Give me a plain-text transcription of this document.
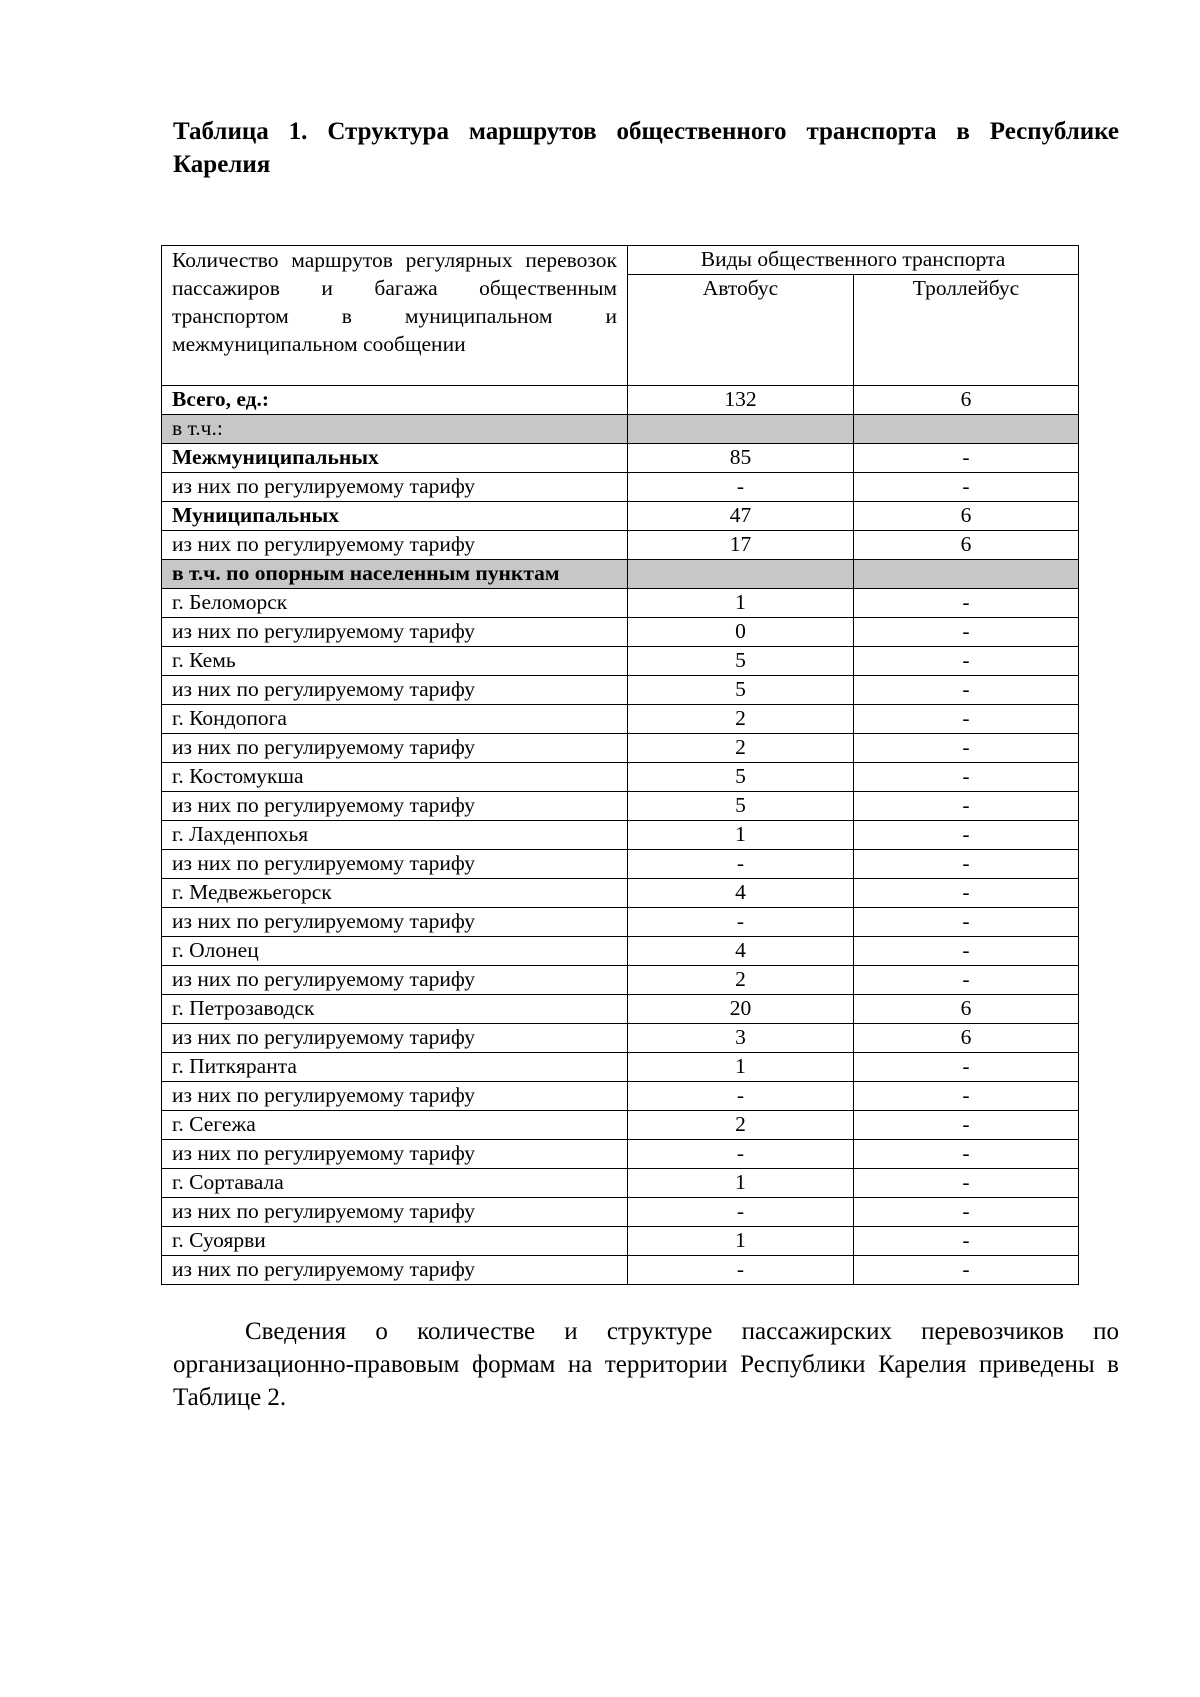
Таблица 1. Структура маршрутов общественного транспорта в Республике Карелия

Количество маршрутов регулярных перевозок пассажиров и багажа общественным транспортом в муниципальном и межмуниципальном сообщении	Виды общественного транспорта	
	Автобус	Троллейбус
Всего, ед.:	132	6
в т.ч.:		
Межмуниципальных	85	-
из них по регулируемому тарифу	-	-
Муниципальных	47	6
из них по регулируемому тарифу	17	6
в т.ч. по опорным населенным пунктам		
г. Беломорск	1	-
из них по регулируемому тарифу	0	-
г. Кемь	5	-
из них по регулируемому тарифу	5	-
г. Кондопога	2	-
из них по регулируемому тарифу	2	-
г. Костомукша	5	-
из них по регулируемому тарифу	5	-
г. Лахденпохья	1	-
из них по регулируемому тарифу	-	-
г. Медвежьегорск	4	-
из них по регулируемому тарифу	-	-
г. Олонец	4	-
из них по регулируемому тарифу	2	-
г. Петрозаводск	20	6
из них по регулируемому тарифу	3	6
г. Питкяранта	1	-
из них по регулируемому тарифу	-	-
г. Сегежа	2	-
из них по регулируемому тарифу	-	-
г. Сортавала	1	-
из них по регулируемому тарифу	-	-
г. Суоярви	1	-
из них по регулируемому тарифу	-	-

Сведения о количестве и структуре пассажирских перевозчиков по организационно-правовым формам на территории Республики Карелия приведены в Таблице 2.
